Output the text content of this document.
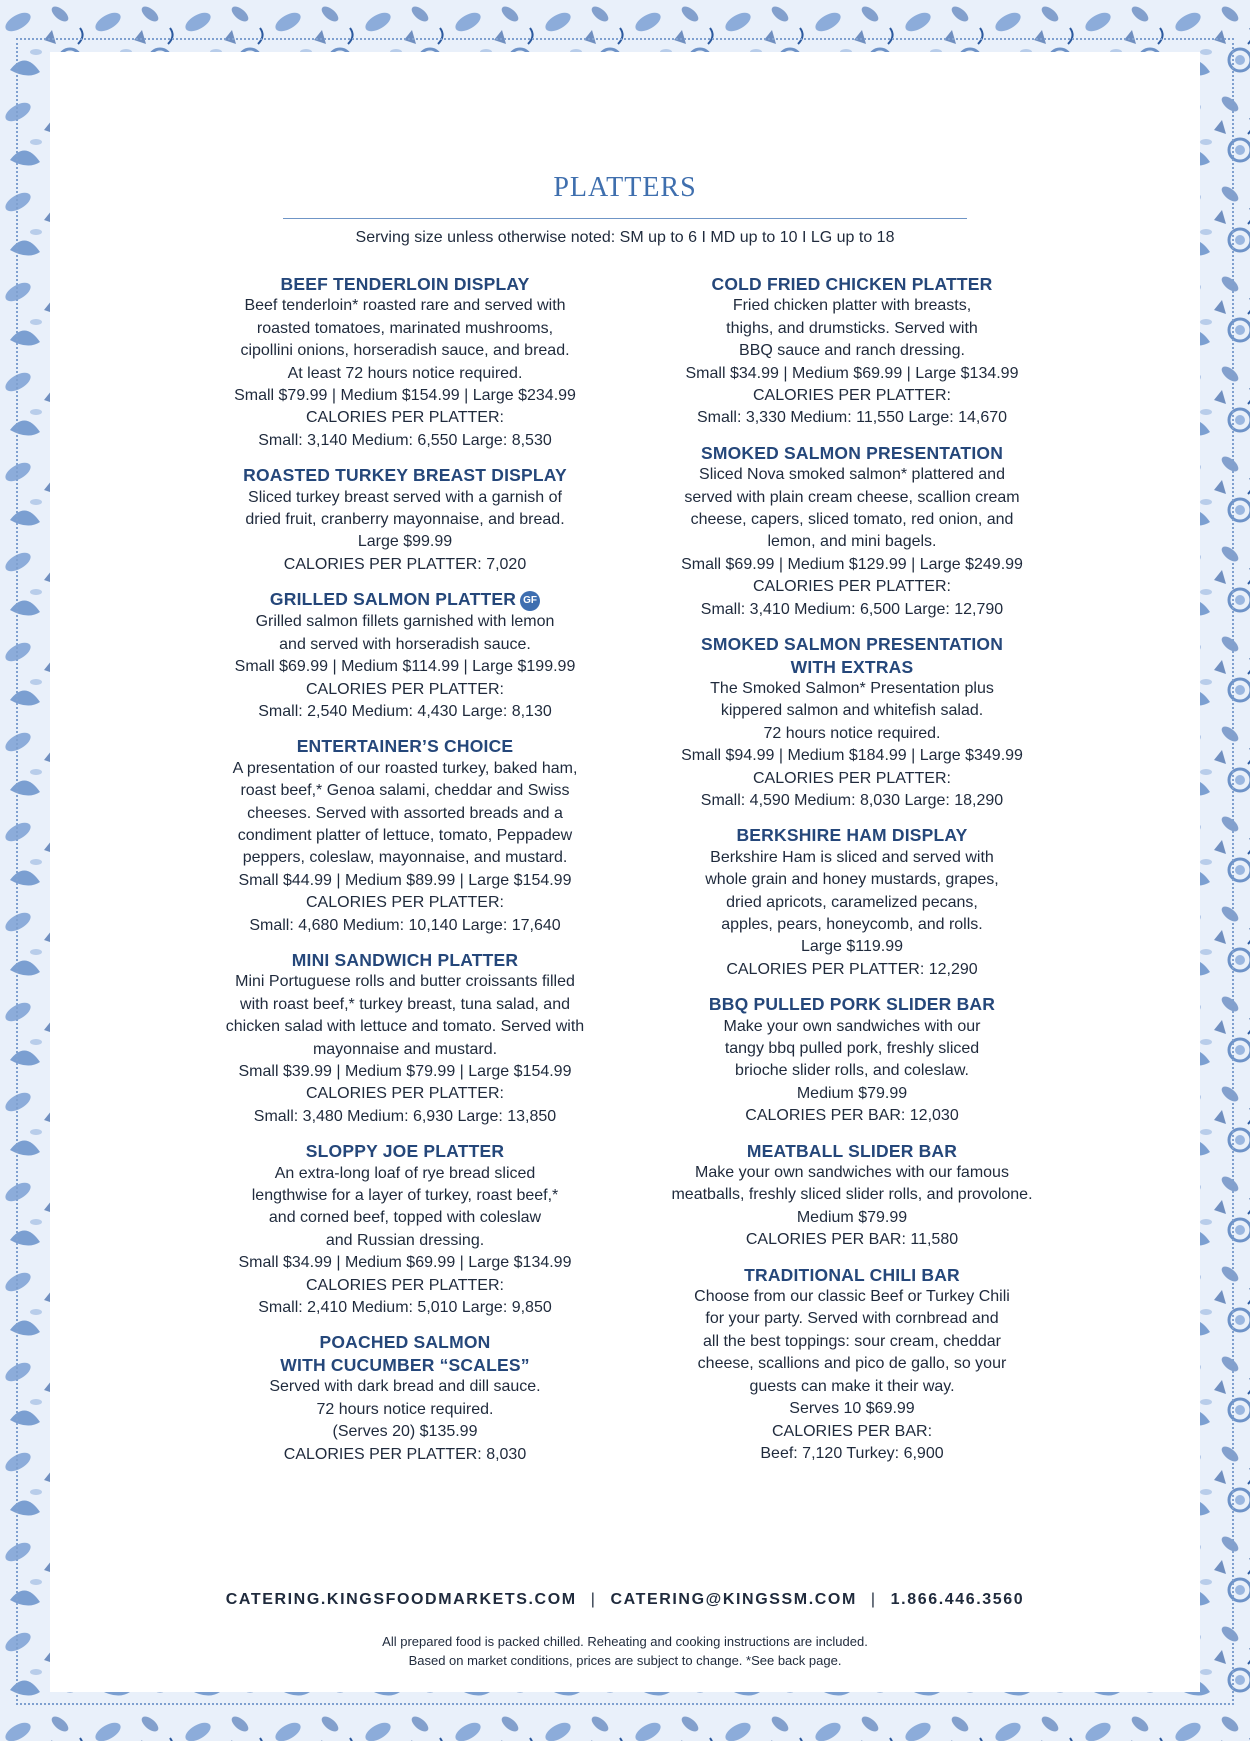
PLATTERS
Serving size unless otherwise noted: SM up to 6 I MD up to 10 I LG up to 18
BEEF TENDERLOIN DISPLAY

Beef tenderloin* roasted rare and served with

roasted tomatoes, marinated mushrooms,

cipollini onions, horseradish sauce, and bread.

At least 72 hours notice required.

Small $79.99 | Medium $154.99 | Large $234.99

CALORIES PER PLATTER:

Small: 3,140 Medium: 6,550 Large: 8,530

ROASTED TURKEY BREAST DISPLAY

Sliced turkey breast served with a garnish of

dried fruit, cranberry mayonnaise, and bread.

Large $99.99

CALORIES PER PLATTER: 7,020

GRILLED SALMON PLATTER GF

Grilled salmon fillets garnished with lemon

and served with horseradish sauce.

Small $69.99 | Medium $114.99 | Large $199.99

CALORIES PER PLATTER:

Small: 2,540 Medium: 4,430 Large: 8,130

ENTERTAINER’S CHOICE

A presentation of our roasted turkey, baked ham,

roast beef,* Genoa salami, cheddar and Swiss

cheeses. Served with assorted breads and a

condiment platter of lettuce, tomato, Peppadew

peppers, coleslaw, mayonnaise, and mustard.

Small $44.99 | Medium $89.99 | Large $154.99

CALORIES PER PLATTER:

Small: 4,680 Medium: 10,140 Large: 17,640

MINI SANDWICH PLATTER

Mini Portuguese rolls and butter croissants filled

with roast beef,* turkey breast, tuna salad, and

chicken salad with lettuce and tomato. Served with

mayonnaise and mustard.

Small $39.99 | Medium $79.99 | Large $154.99

CALORIES PER PLATTER:

Small: 3,480 Medium: 6,930 Large: 13,850

SLOPPY JOE PLATTER

An extra-long loaf of rye bread sliced

lengthwise for a layer of turkey, roast beef,*

and corned beef, topped with coleslaw

and Russian dressing.

Small $34.99 | Medium $69.99 | Large $134.99

CALORIES PER PLATTER:

Small: 2,410 Medium: 5,010 Large: 9,850

POACHED SALMON
WITH CUCUMBER “SCALES”

Served with dark bread and dill sauce.

72 hours notice required.

(Serves 20) $135.99

CALORIES PER PLATTER: 8,030

COLD FRIED CHICKEN PLATTER

Fried chicken platter with breasts,

thighs, and drumsticks. Served with

BBQ sauce and ranch dressing.

Small $34.99 | Medium $69.99 | Large $134.99

CALORIES PER PLATTER:

Small: 3,330 Medium: 11,550 Large: 14,670

SMOKED SALMON PRESENTATION

Sliced Nova smoked salmon* plattered and

served with plain cream cheese, scallion cream

cheese, capers, sliced tomato, red onion, and

lemon, and mini bagels.

Small $69.99 | Medium $129.99 | Large $249.99

CALORIES PER PLATTER:

Small: 3,410 Medium: 6,500 Large: 12,790

SMOKED SALMON PRESENTATION
WITH EXTRAS

The Smoked Salmon* Presentation plus

kippered salmon and whitefish salad.

72 hours notice required.

Small $94.99 | Medium $184.99 | Large $349.99

CALORIES PER PLATTER:

Small: 4,590 Medium: 8,030 Large: 18,290

BERKSHIRE HAM DISPLAY

Berkshire Ham is sliced and served with

whole grain and honey mustards, grapes,

dried apricots, caramelized pecans,

apples, pears, honeycomb, and rolls.

Large $119.99

CALORIES PER PLATTER: 12,290

BBQ PULLED PORK SLIDER BAR

Make your own sandwiches with our

tangy bbq pulled pork, freshly sliced

brioche slider rolls, and coleslaw.

Medium $79.99

CALORIES PER BAR: 12,030

MEATBALL SLIDER BAR

Make your own sandwiches with our famous

meatballs, freshly sliced slider rolls, and provolone.

Medium $79.99

CALORIES PER BAR: 11,580

TRADITIONAL CHILI BAR

Choose from our classic Beef or Turkey Chili

for your party. Served with cornbread and

all the best toppings: sour cream, cheddar

cheese, scallions and pico de gallo, so your

guests can make it their way.

Serves 10 $69.99

CALORIES PER BAR:

Beef: 7,120 Turkey: 6,900

CATERING.KINGSFOODMARKETS.COM | CATERING@KINGSSM.COM | 1.866.446.3560
All prepared food is packed chilled. Reheating and cooking instructions are included.
Based on market conditions, prices are subject to change. *See back page.
